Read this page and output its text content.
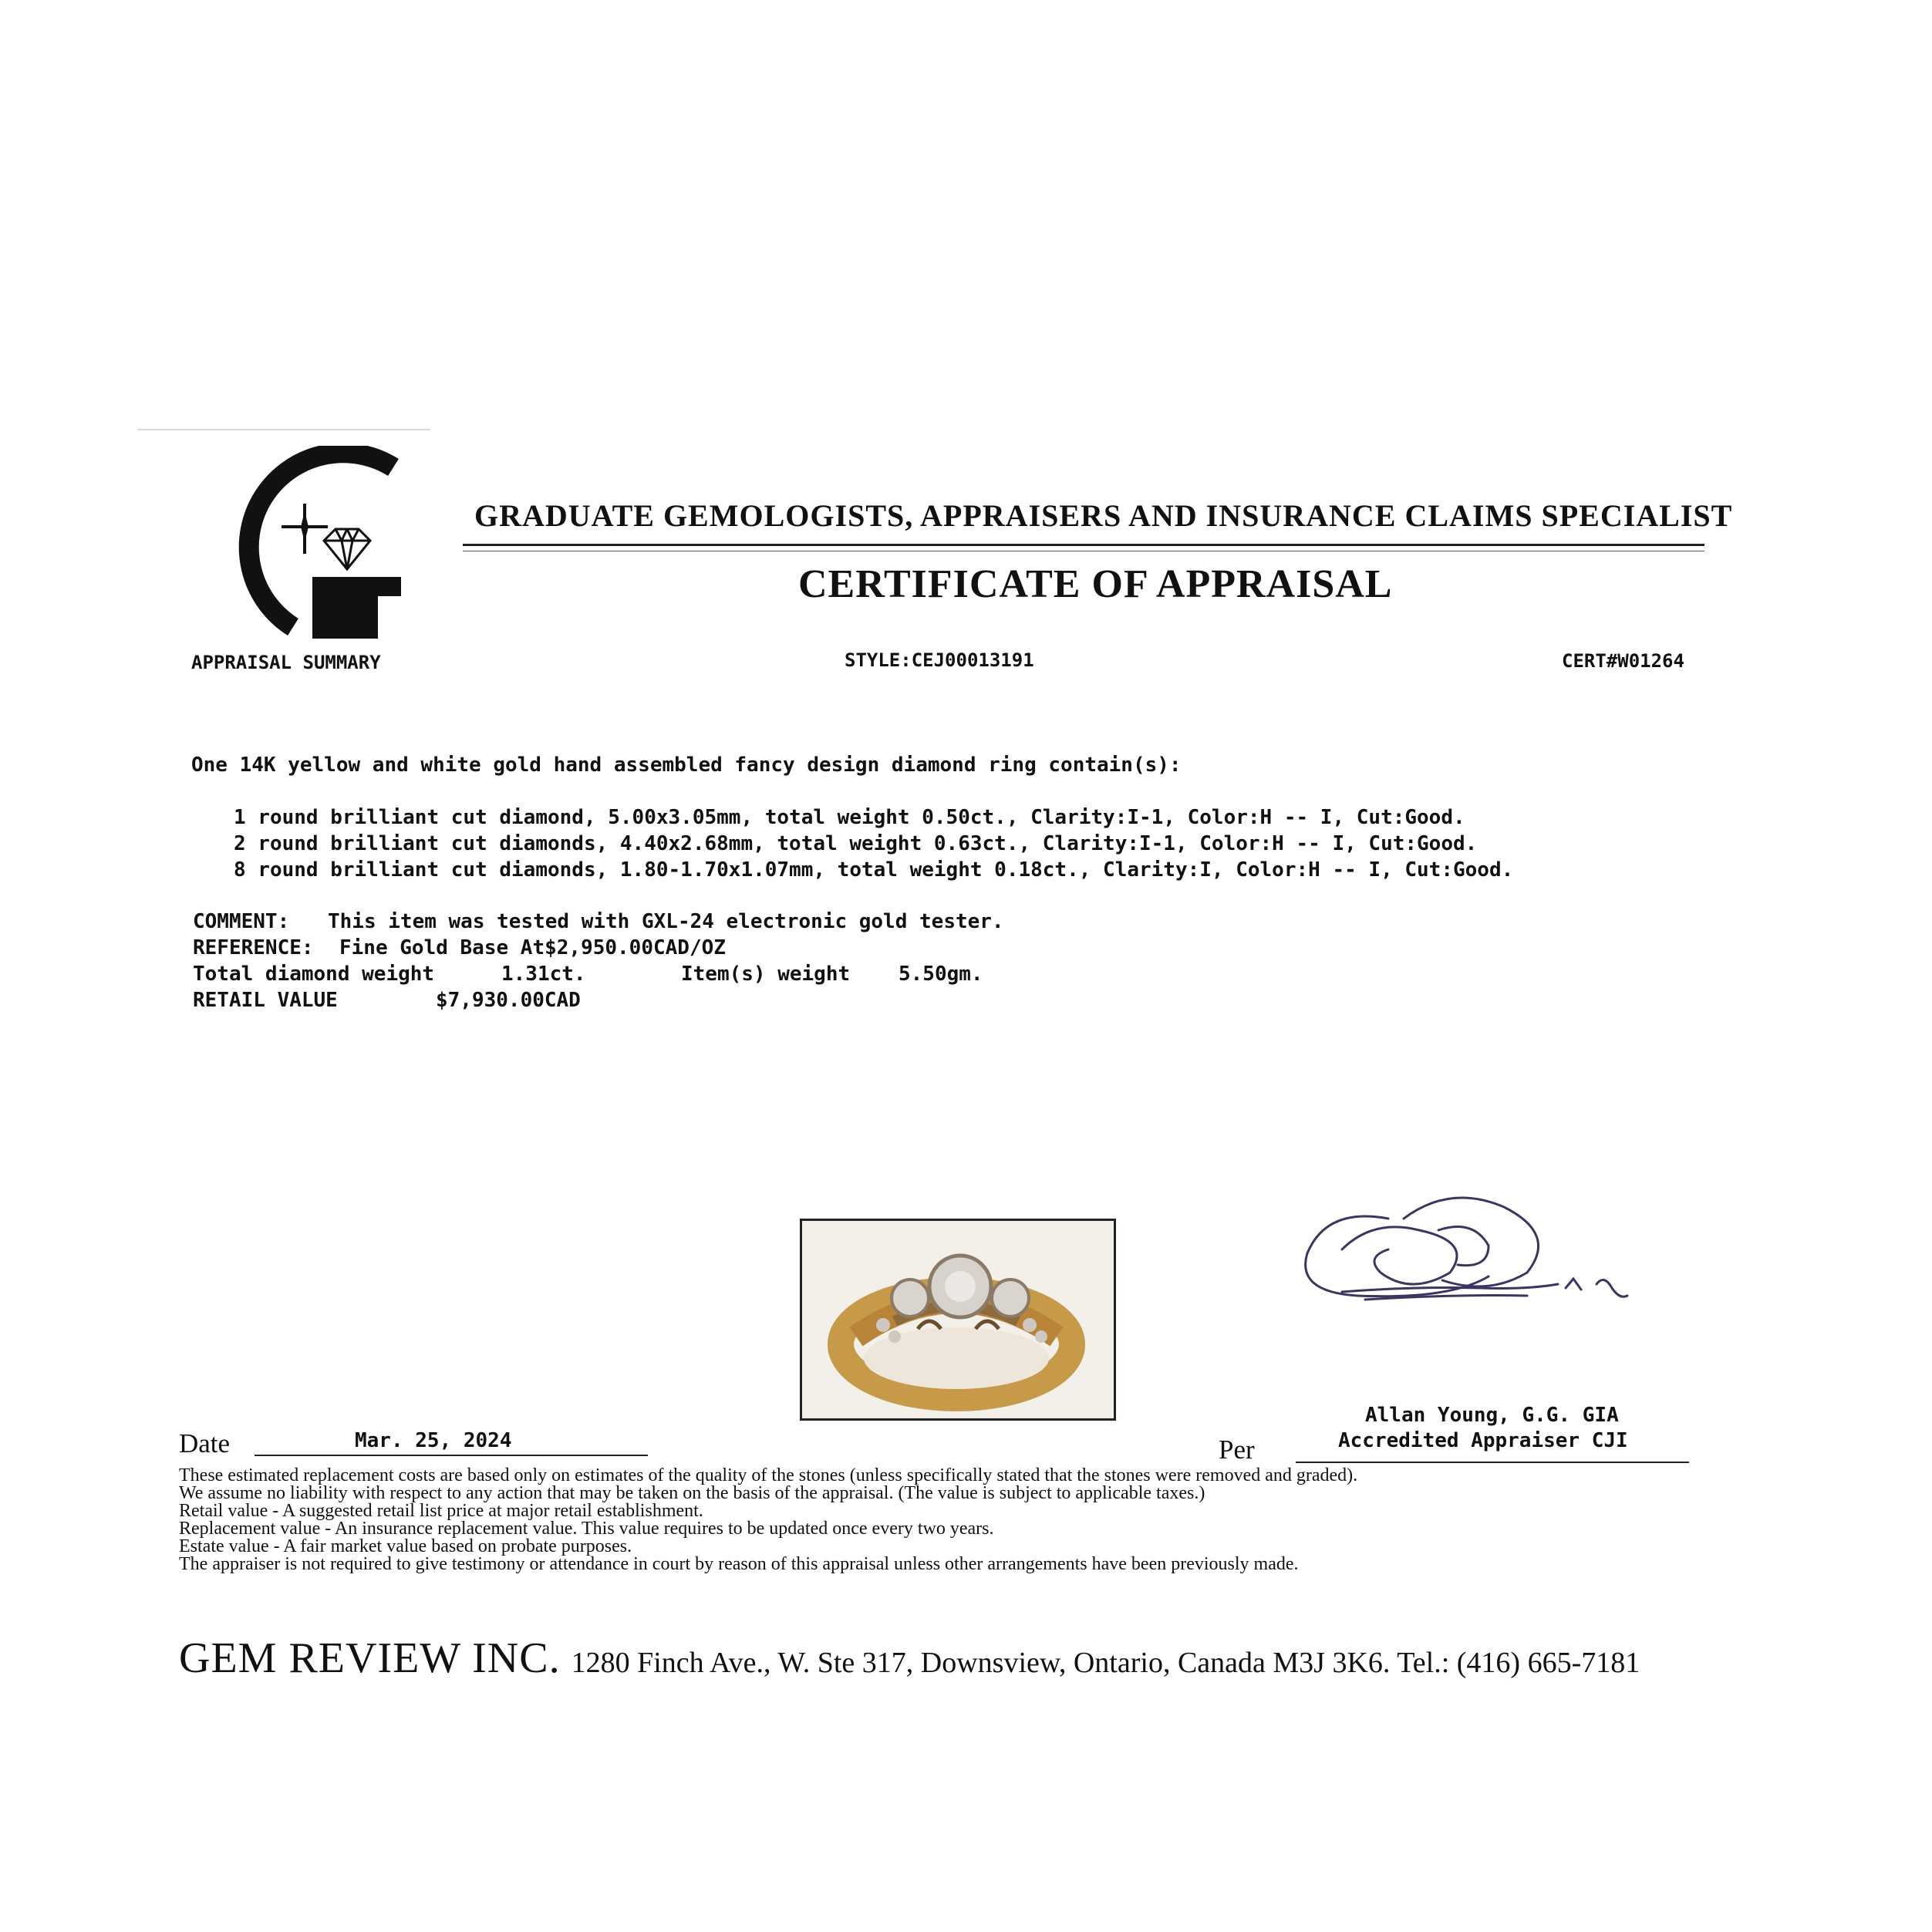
GRADUATE GEMOLOGISTS, APPRAISERS AND INSURANCE CLAIMS SPECIALIST
CERTIFICATE OF APPRAISAL
APPRAISAL SUMMARY	STYLE:CEJ00013191	CERT#W01264
One 14K yellow and white gold hand assembled fancy design diamond ring contain(s):
1 round brilliant cut diamond, 5.00x3.05mm, total weight 0.50ct., Clarity:I-1, Color:H -- I, Cut:Good.
2 round brilliant cut diamonds, 4.40x2.68mm, total weight 0.63ct., Clarity:I-1, Color:H -- I, Cut:Good.
8 round brilliant cut diamonds, 1.80-1.70x1.07mm, total weight 0.18ct., Clarity:I, Color:H -- I, Cut:Good.
COMMENT: This item was tested with GXL-24 electronic gold tester.
REFERENCE: Fine Gold Base At$2,950.00CAD/OZ
Total diamond weight	1.31ct.	Item(s) weight 5.50gm.
RETAIL VALUE	$7,930.00CAD
Date	Mar. 25, 2024	Per
Allan Young, G.G. GIA
Accredited Appraiser CJI
These estimated replacement costs are based only on estimates of the quality of the stones (unless specifically stated that the stones were removed and graded).
We assume no liability with respect to any action that may be taken on the basis of the appraisal. (The value is subject to applicable taxes.)
Retail value - A suggested retail list price at major retail establishment.
Replacement value - An insurance replacement value. This value requires to be updated once every two years.
Estate value - A fair market value based on probate purposes.
The appraiser is not required to give testimony or attendance in court by reason of this appraisal unless other arrangements have been previously made.
GEM REVIEW INC. 1280 Finch Ave., W. Ste 317, Downsview, Ontario, Canada M3J 3K6. Tel.: (416) 665-7181
